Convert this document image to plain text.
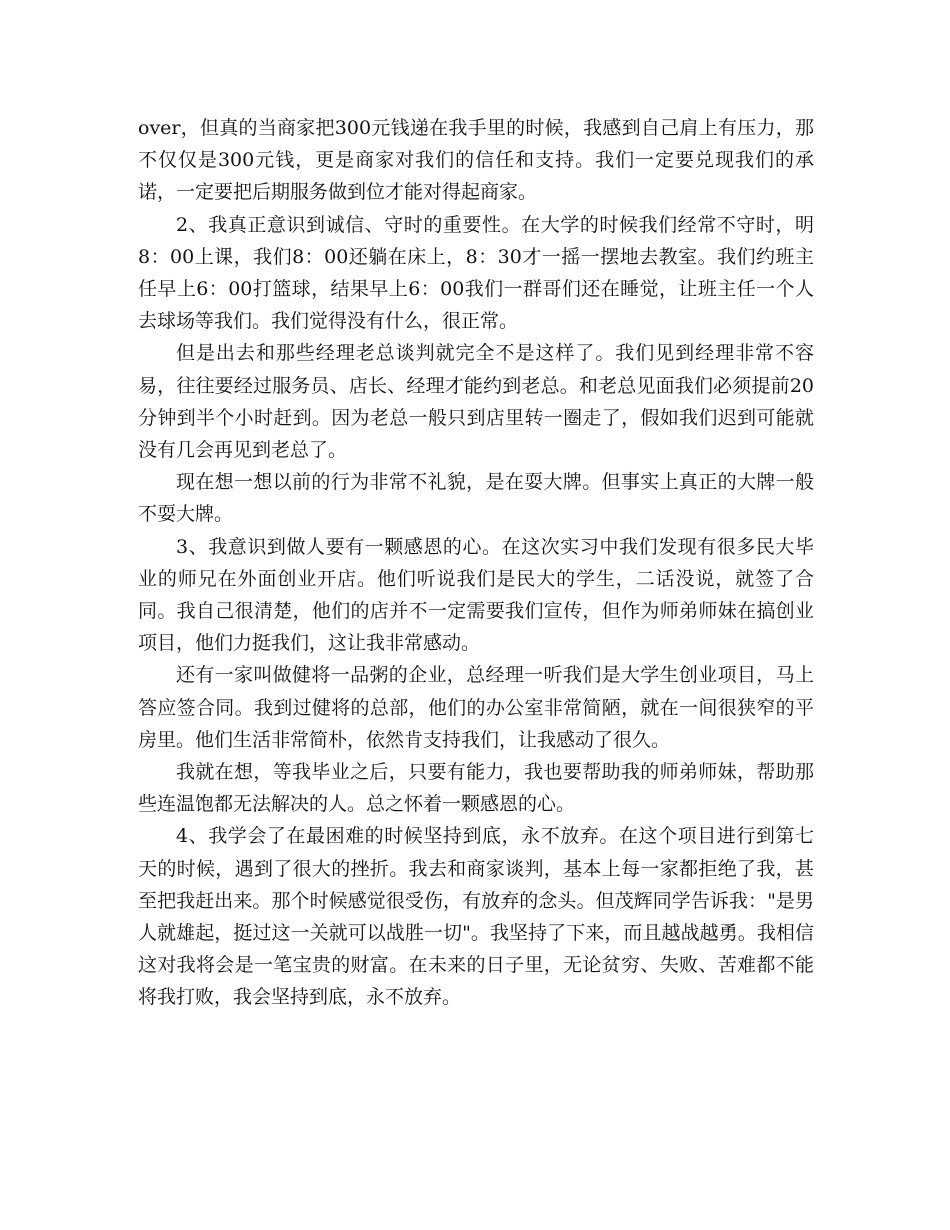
over，但真的当商家把300元钱递在我手里的时候，我感到自己肩上有压力，那不仅仅是300元钱，更是商家对我们的信任和支持。我们一定要兑现我们的承诺，一定要把后期服务做到位才能对得起商家。

2、我真正意识到诚信、守时的重要性。在大学的时候我们经常不守时，明8：00上课，我们8：00还躺在床上，8：30才一摇一摆地去教室。我们约班主任早上6：00打篮球，结果早上6：00我们一群哥们还在睡觉，让班主任一个人去球场等我们。我们觉得没有什么，很正常。

但是出去和那些经理老总谈判就完全不是这样了。我们见到经理非常不容易，往往要经过服务员、店长、经理才能约到老总。和老总见面我们必须提前20分钟到半个小时赶到。因为老总一般只到店里转一圈走了，假如我们迟到可能就没有几会再见到老总了。

现在想一想以前的行为非常不礼貌，是在耍大牌。但事实上真正的大牌一般不耍大牌。

3、我意识到做人要有一颗感恩的心。在这次实习中我们发现有很多民大毕业的师兄在外面创业开店。他们听说我们是民大的学生，二话没说，就签了合同。我自己很清楚，他们的店并不一定需要我们宣传，但作为师弟师妹在搞创业项目，他们力挺我们，这让我非常感动。

还有一家叫做健将一品粥的企业，总经理一听我们是大学生创业项目，马上答应签合同。我到过健将的总部，他们的办公室非常简陋，就在一间很狭窄的平房里。他们生活非常简朴，依然肯支持我们，让我感动了很久。

我就在想，等我毕业之后，只要有能力，我也要帮助我的师弟师妹，帮助那些连温饱都无法解决的人。总之怀着一颗感恩的心。

4、我学会了在最困难的时候坚持到底，永不放弃。在这个项目进行到第七天的时候，遇到了很大的挫折。我去和商家谈判，基本上每一家都拒绝了我，甚至把我赶出来。那个时候感觉很受伤，有放弃的念头。但茂辉同学告诉我："是男人就雄起，挺过这一关就可以战胜一切"。我坚持了下来，而且越战越勇。我相信这对我将会是一笔宝贵的财富。在未来的日子里，无论贫穷、失败、苦难都不能将我打败，我会坚持到底，永不放弃。
